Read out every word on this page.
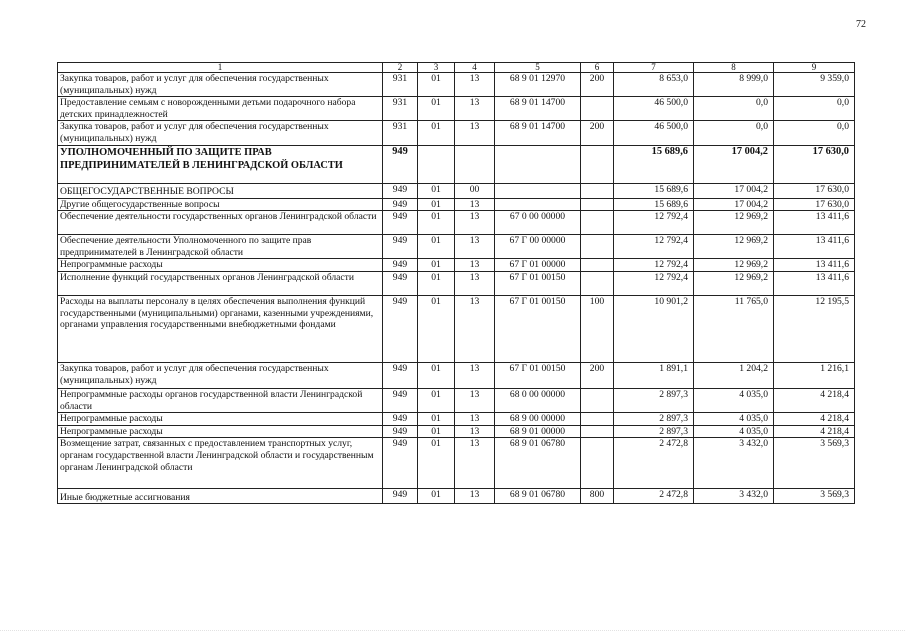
72
1	2	3	4	5	6	7	8	9
Закупка товаров, работ и услуг для обеспечения государственных (муниципальных) нужд	931	01	13	68 9 01 12970	200	8 653,0	8 999,0	9 359,0
Предоставление семьям с новорожденными детьми подарочного набора детских принадлежностей	931	01	13	68 9 01 14700		46 500,0	0,0	0,0
Закупка товаров, работ и услуг для обеспечения государственных (муниципальных) нужд	931	01	13	68 9 01 14700	200	46 500,0	0,0	0,0
УПОЛНОМОЧЕННЫЙ ПО ЗАЩИТЕ ПРАВ ПРЕДПРИНИМАТЕЛЕЙ В ЛЕНИНГРАДСКОЙ ОБЛАСТИ	949					15 689,6	17 004,2	17 630,0
ОБЩЕГОСУДАРСТВЕННЫЕ ВОПРОСЫ	949	01	00			15 689,6	17 004,2	17 630,0
Другие общегосударственные вопросы	949	01	13			15 689,6	17 004,2	17 630,0
Обеспечение деятельности государственных органов Ленинградской области	949	01	13	67 0 00 00000		12 792,4	12 969,2	13 411,6
Обеспечение деятельности Уполномоченного по защите прав предпринимателей в Ленинградской области	949	01	13	67 Г 00 00000		12 792,4	12 969,2	13 411,6
Непрограммные расходы	949	01	13	67 Г 01 00000		12 792,4	12 969,2	13 411,6
Исполнение функций государственных органов Ленинградской области	949	01	13	67 Г 01 00150		12 792,4	12 969,2	13 411,6
Расходы на выплаты персоналу в целях обеспечения выполнения функций государственными (муниципальными) органами, казенными учреждениями, органами управления государственными внебюджетными фондами	949	01	13	67 Г 01 00150	100	10 901,2	11 765,0	12 195,5
Закупка товаров, работ и услуг для обеспечения государственных (муниципальных) нужд	949	01	13	67 Г 01 00150	200	1 891,1	1 204,2	1 216,1
Непрограммные расходы органов государственной власти Ленинградской области	949	01	13	68 0 00 00000		2 897,3	4 035,0	4 218,4
Непрограммные расходы	949	01	13	68 9 00 00000		2 897,3	4 035,0	4 218,4
Непрограммные расходы	949	01	13	68 9 01 00000		2 897,3	4 035,0	4 218,4
Возмещение затрат, связанных с предоставлением транспортных услуг, органам государственной власти Ленинградской области и государственным органам Ленинградской области	949	01	13	68 9 01 06780		2 472,8	3 432,0	3 569,3
Иные бюджетные ассигнования	949	01	13	68 9 01 06780	800	2 472,8	3 432,0	3 569,3
